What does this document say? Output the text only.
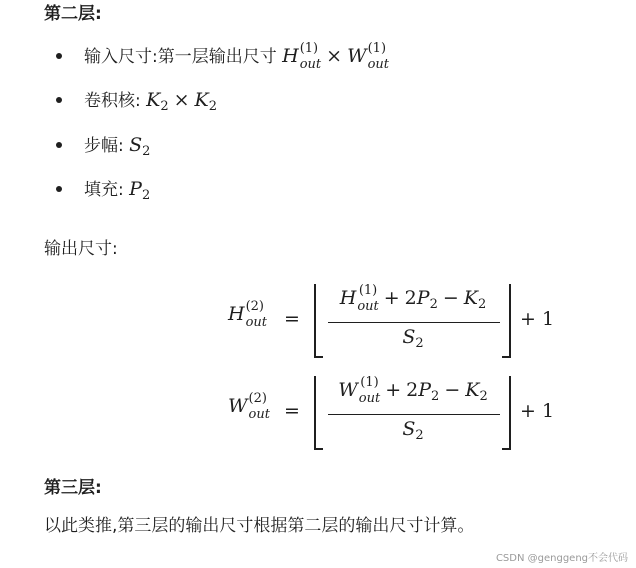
第二层:
输入尺寸:第一层输出尺寸 H (1)
out × W (1)
out
卷积核: $K_2 \times K_2$
步幅: $S_2$
填充: $P_2$

输出尺寸:

H (2)
out =
H (1)
out + $2P_2 - K_2$
$S_2$
+ 1
W (2)
out =
W (1)
out + $2P_2 - K_2$
$S_2$
+ 1
第三层:

以此类推,第三层的输出尺寸根据第二层的输出尺寸计算。

CSDN @genggeng不会代码
